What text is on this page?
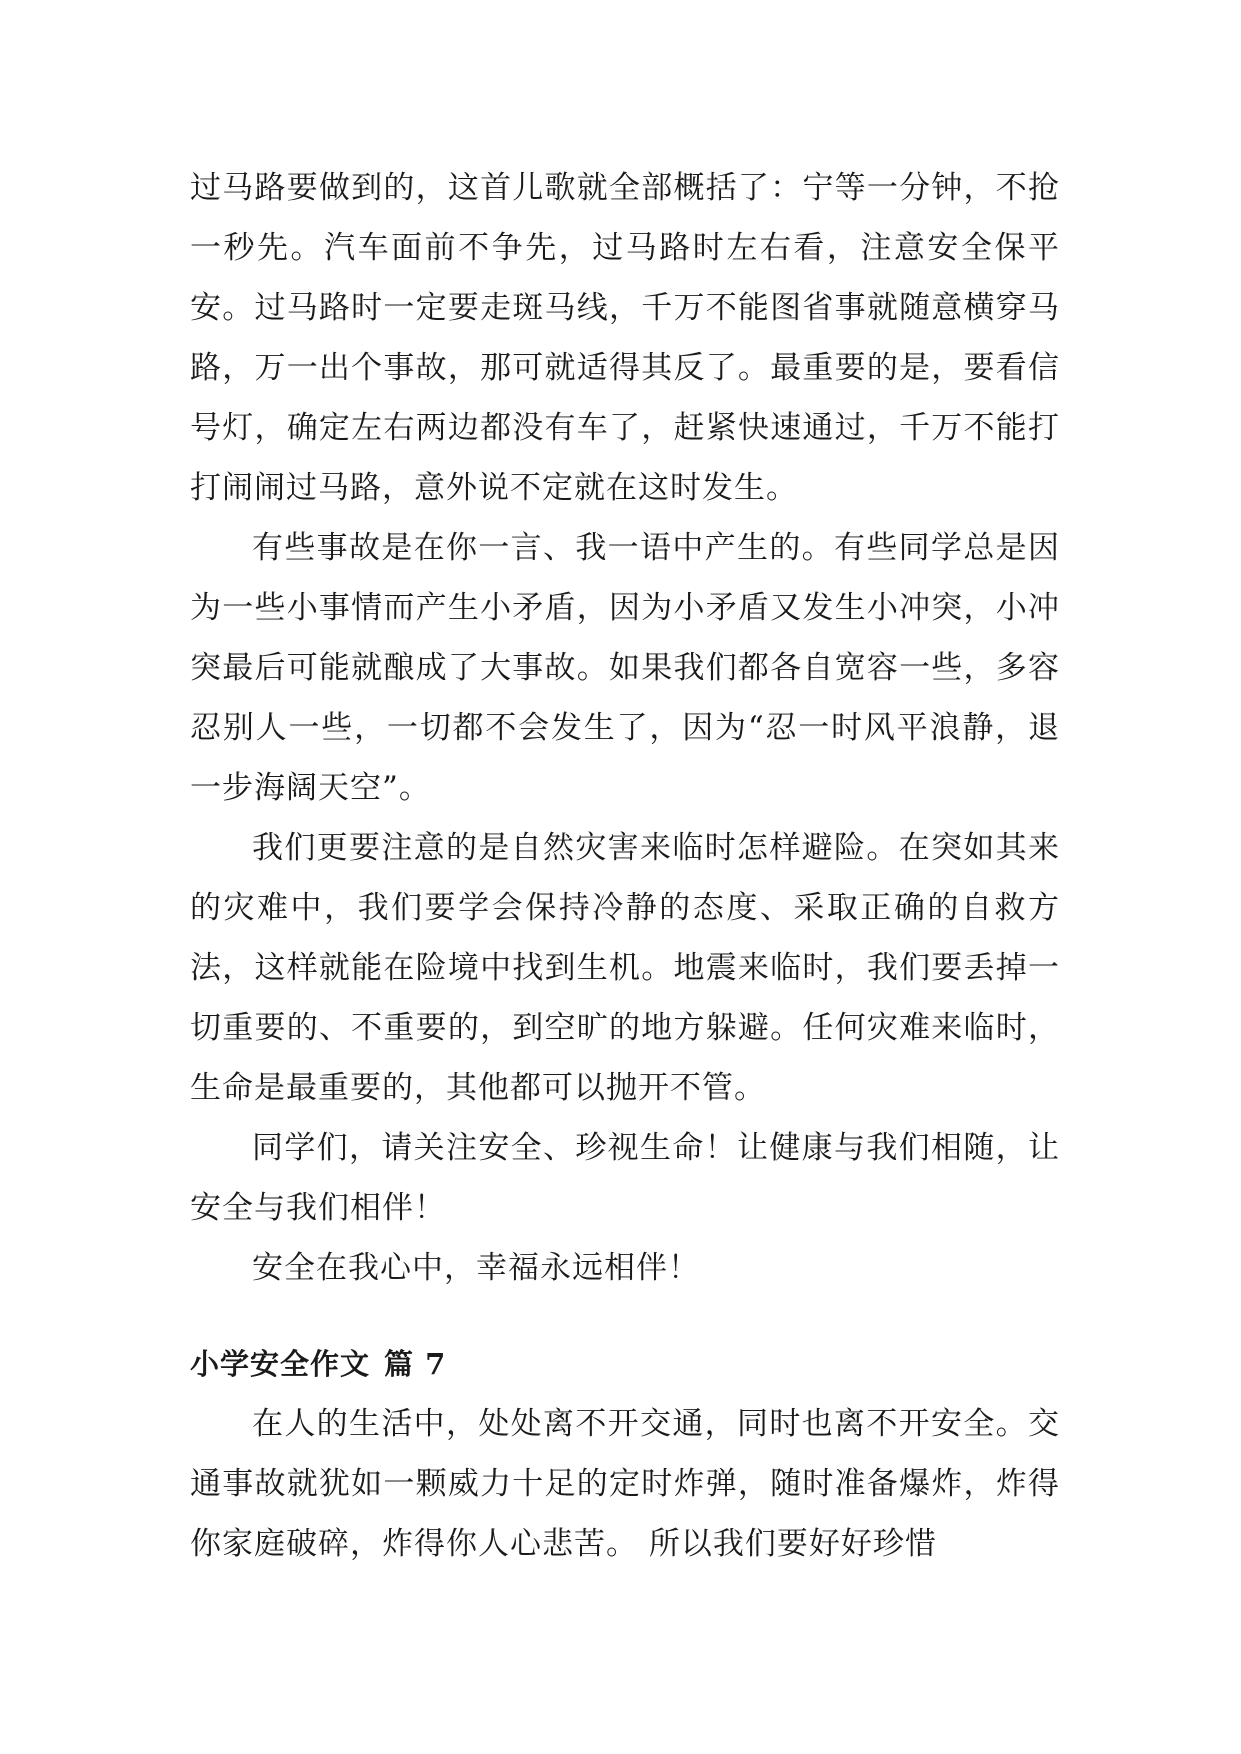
过马路要做到的，这首儿歌就全部概括了：宁等一分钟，不抢一秒先。汽车面前不争先，过马路时左右看，注意安全保平安。过马路时一定要走斑马线，千万不能图省事就随意横穿马路，万一出个事故，那可就适得其反了。最重要的是，要看信号灯，确定左右两边都没有车了，赶紧快速通过，千万不能打打闹闹过马路，意外说不定就在这时发生。

有些事故是在你一言、我一语中产生的。有些同学总是因为一些小事情而产生小矛盾，因为小矛盾又发生小冲突，小冲突最后可能就酿成了大事故。如果我们都各自宽容一些，多容忍别人一些，一切都不会发生了，因为“忍一时风平浪静，退一步海阔天空”。

我们更要注意的是自然灾害来临时怎样避险。在突如其来的灾难中，我们要学会保持冷静的态度、采取正确的自救方法，这样就能在险境中找到生机。地震来临时，我们要丢掉一切重要的、不重要的，到空旷的地方躲避。任何灾难来临时，生命是最重要的，其他都可以抛开不管。

同学们，请关注安全、珍视生命！让健康与我们相随，让安全与我们相伴！

安全在我心中，幸福永远相伴！

小学安全作文 篇 7

在人的生活中，处处离不开交通，同时也离不开安全。交通事故就犹如一颗威力十足的定时炸弹，随时准备爆炸，炸得你家庭破碎，炸得你人心悲苦。 所以我们要好好珍惜
